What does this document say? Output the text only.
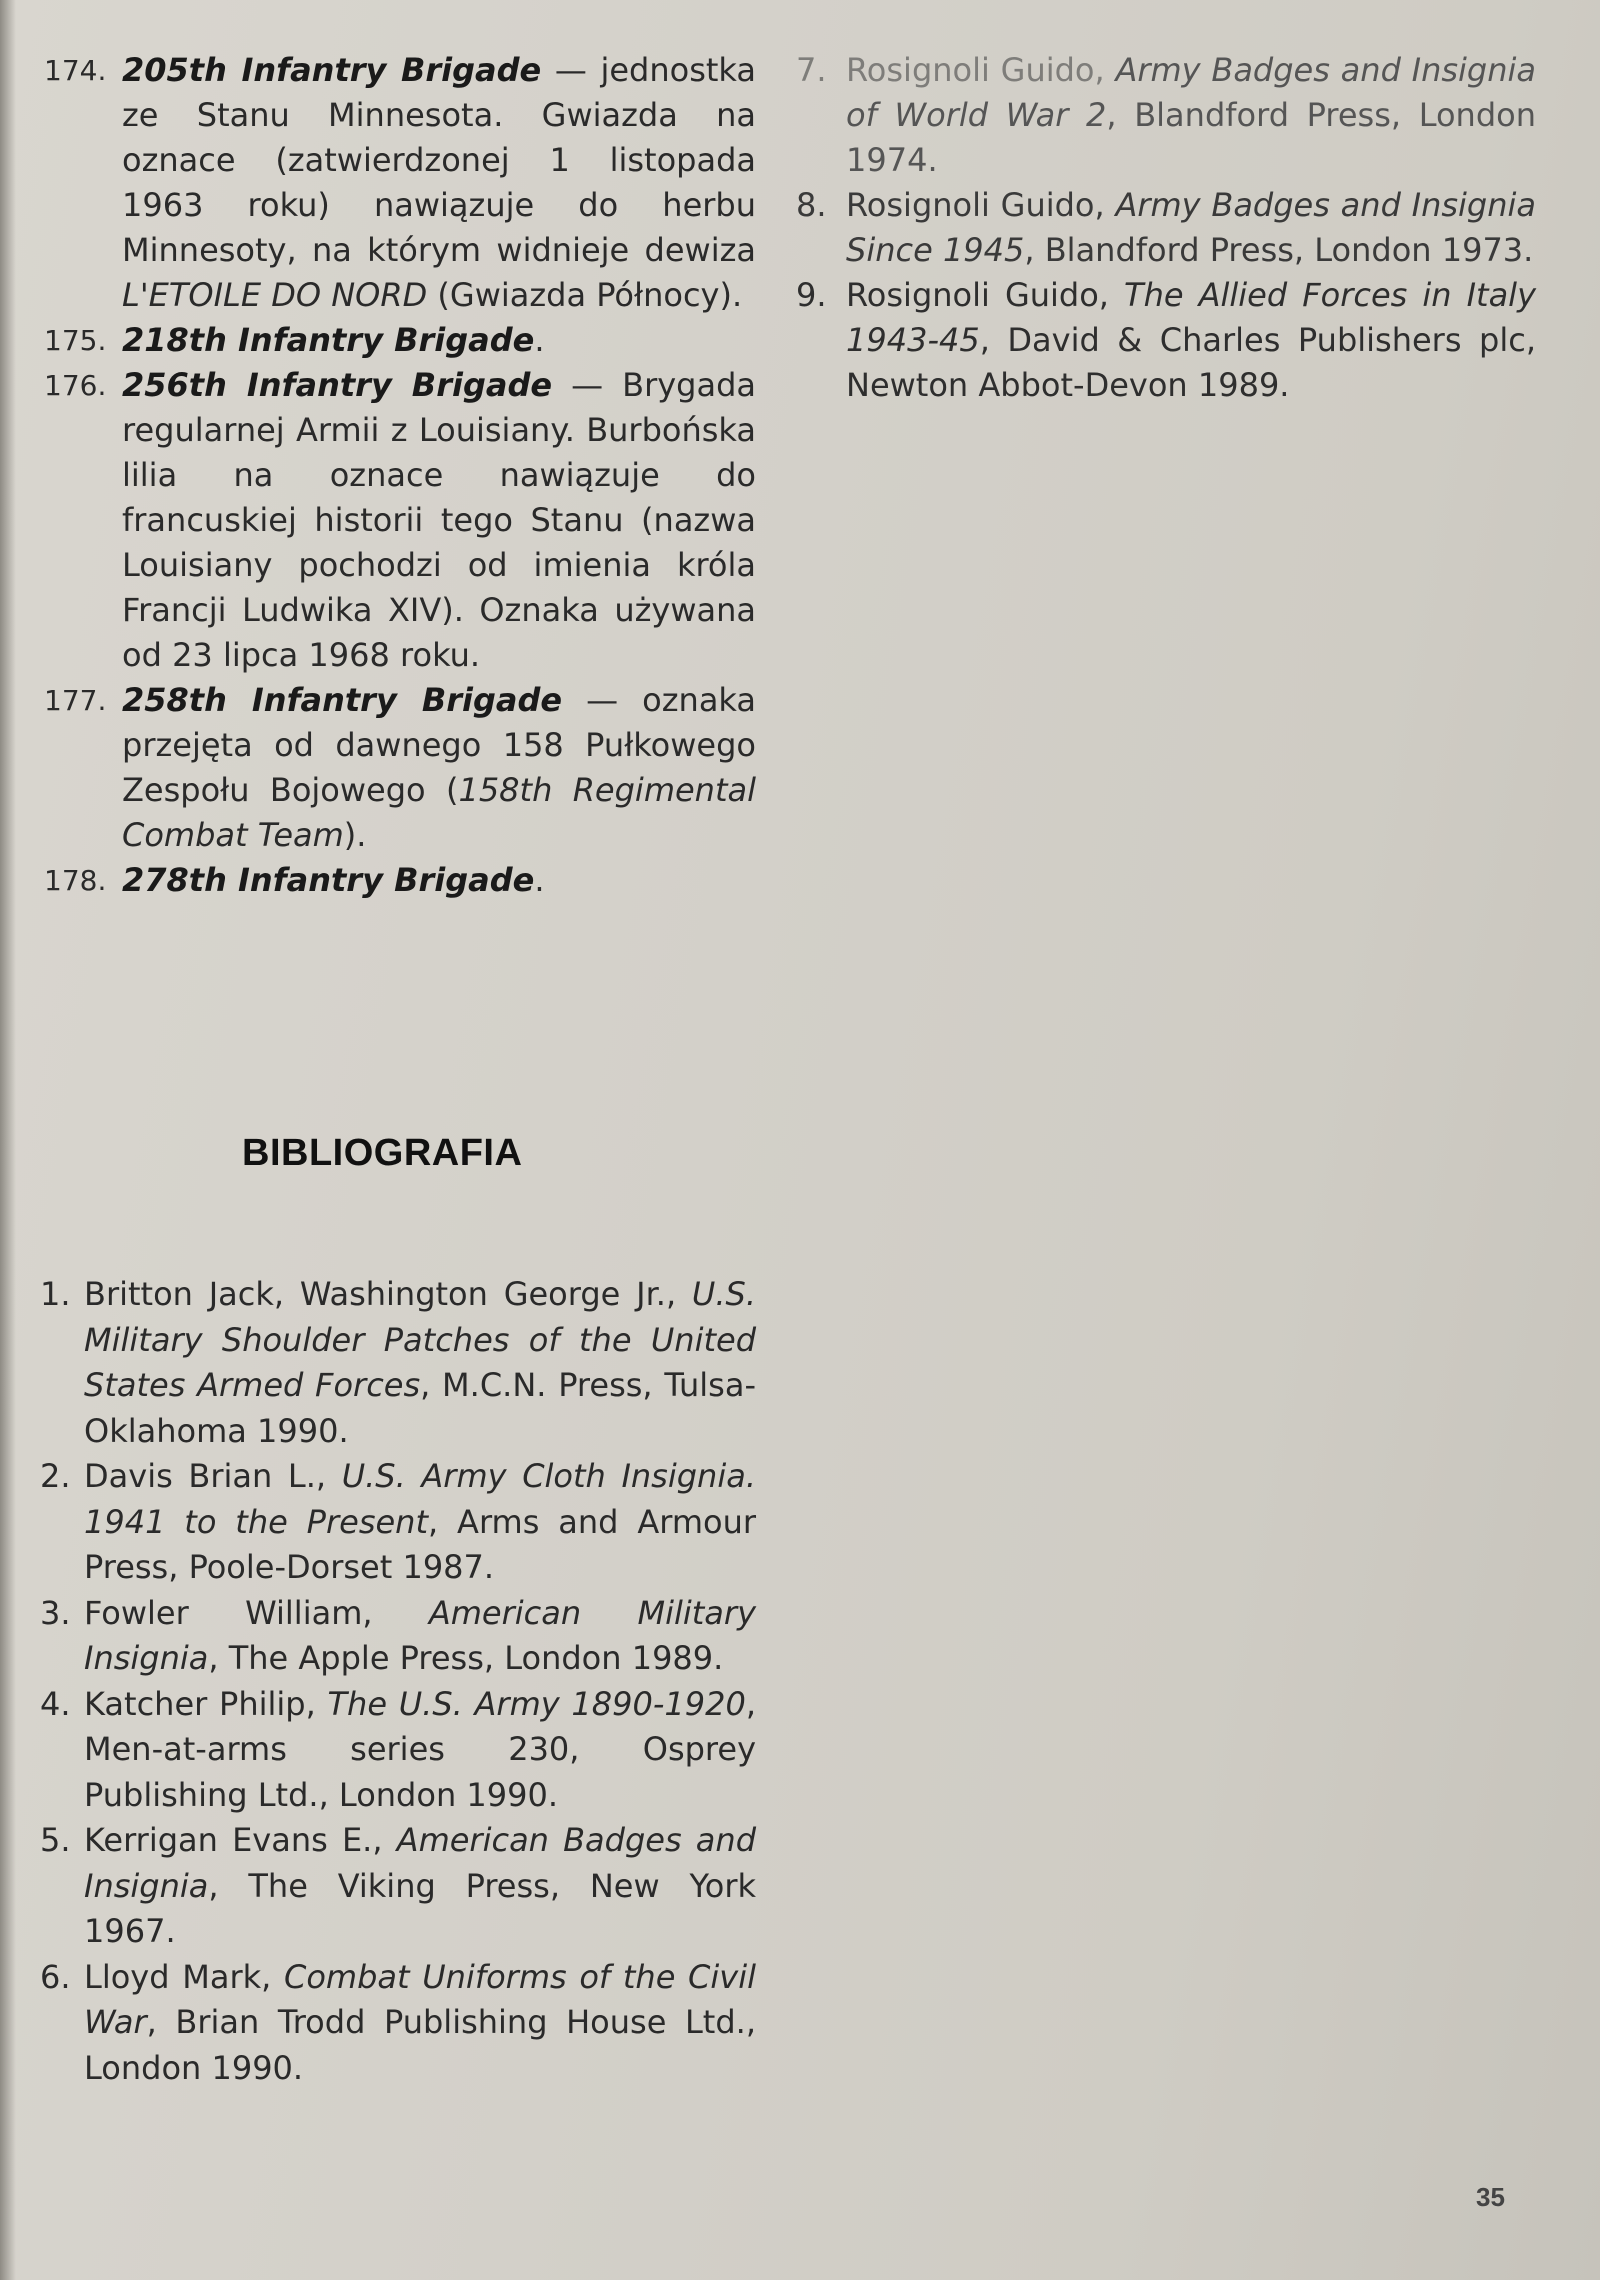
174. 205th Infantry Brigade — jednostka ze Stanu Minnesota. Gwiazda na oznace (zatwierdzonej 1 listopada 1963 roku) nawiązuje do herbu Minnesoty, na którym widnieje dewiza L'ETOILE DO NORD (Gwiazda Północy).
175. 218th Infantry Brigade.
176. 256th Infantry Brigade — Brygada regularnej Armii z Louisiany. Burbońska lilia na oznace nawiązuje do francuskiej historii tego Stanu (nazwa Louisiany pochodzi od imienia króla Francji Ludwika XIV). Oznaka używana od 23 lipca 1968 roku.
177. 258th Infantry Brigade — oznaka przejęta od dawnego 158 Pułkowego Zespołu Bojowego (158th Regimental Combat Team).
178. 278th Infantry Brigade.
BIBLIOGRAFIA
1. Britton Jack, Washington George Jr., U.S. Military Shoulder Patches of the United States Armed Forces, M.C.N. Press, Tulsa-Oklahoma 1990.
2. Davis Brian L., U.S. Army Cloth Insignia. 1941 to the Present, Arms and Armour Press, Poole-Dorset 1987.
3. Fowler William, American Military Insignia, The Apple Press, London 1989.
4. Katcher Philip, The U.S. Army 1890-1920, Men-at-arms series 230, Osprey Publishing Ltd., London 1990.
5. Kerrigan Evans E., American Badges and Insignia, The Viking Press, New York 1967.
6. Lloyd Mark, Combat Uniforms of the Civil War, Brian Trodd Publishing House Ltd., London 1990.
7. Rosignoli Guido, Army Badges and Insignia of World War 2, Blandford Press, London 1974.
8. Rosignoli Guido, Army Badges and Insignia Since 1945, Blandford Press, London 1973.
9. Rosignoli Guido, The Allied Forces in Italy 1943-45, David & Charles Publishers plc, Newton Abbot-Devon 1989.
35
